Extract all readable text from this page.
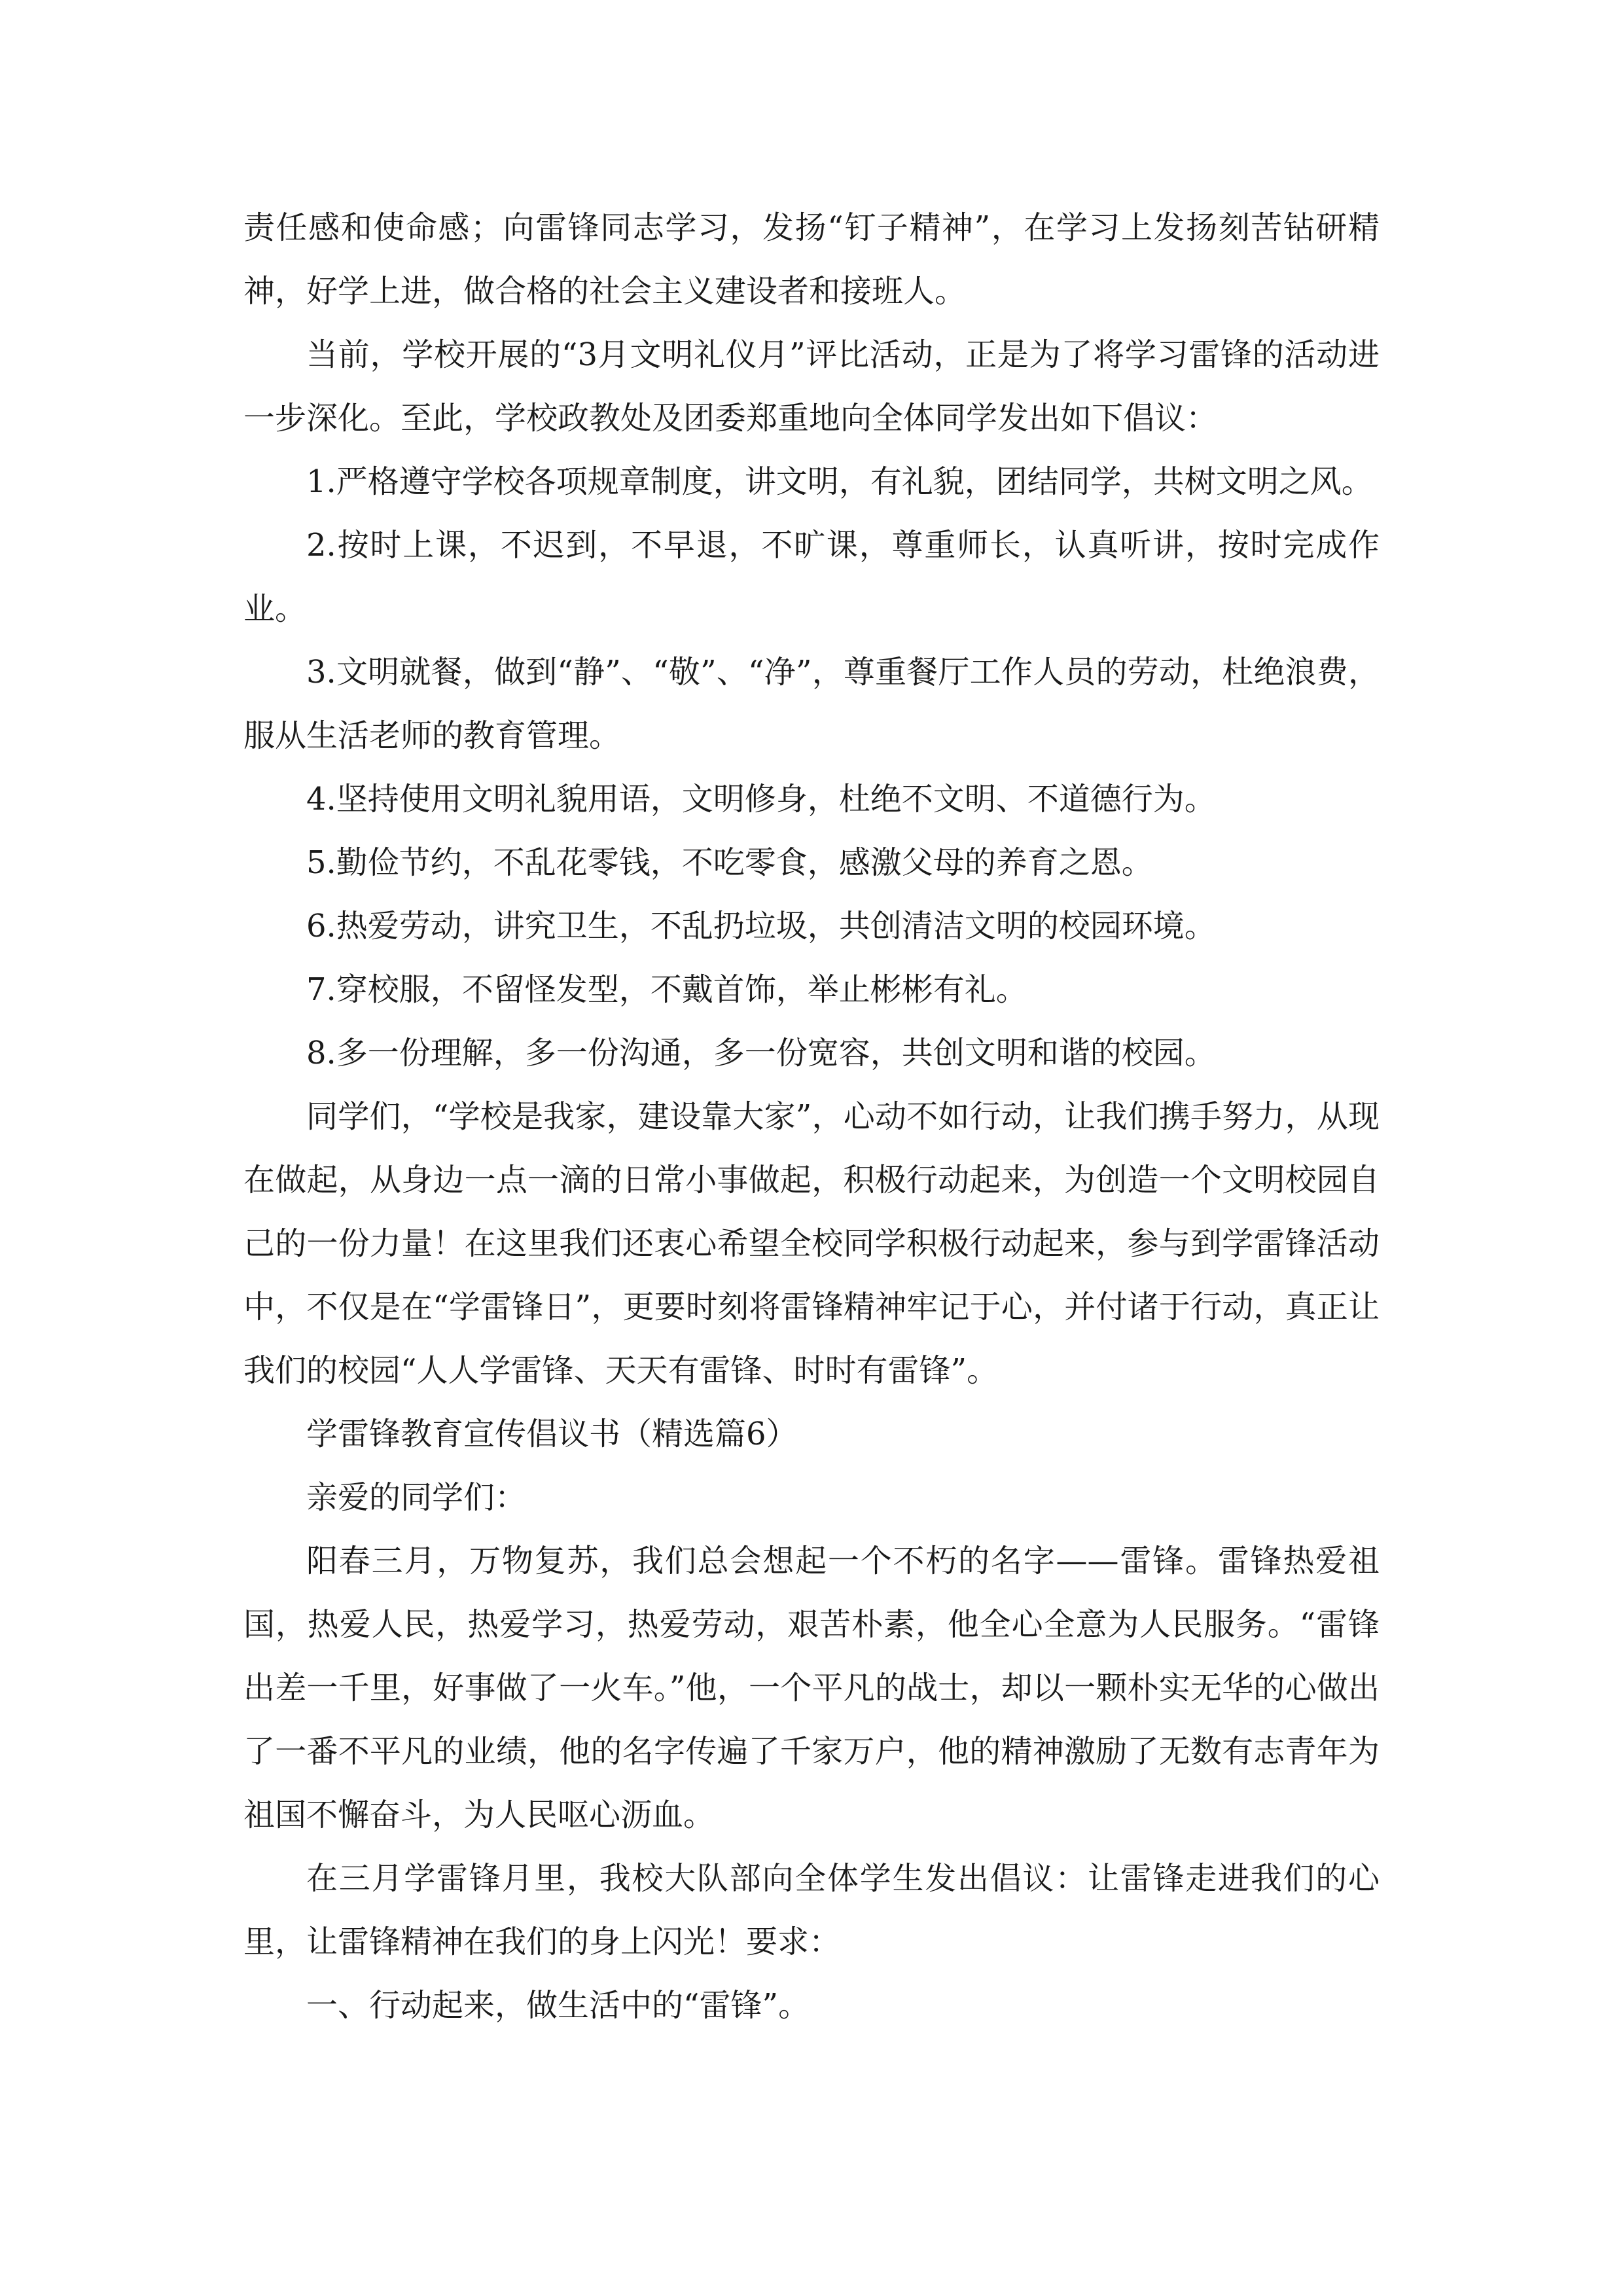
责任感和使命感；向雷锋同志学习，发扬“钉子精神”，在学习上发扬刻苦钻研精神，好学上进，做合格的社会主义建设者和接班人。

当前，学校开展的“3月文明礼仪月”评比活动，正是为了将学习雷锋的活动进一步深化。至此，学校政教处及团委郑重地向全体同学发出如下倡议：

1.严格遵守学校各项规章制度，讲文明，有礼貌，团结同学，共树文明之风。

2.按时上课，不迟到，不早退，不旷课，尊重师长，认真听讲，按时完成作业。

3.文明就餐，做到“静”、“敬”、“净”，尊重餐厅工作人员的劳动，杜绝浪费，服从生活老师的教育管理。

4.坚持使用文明礼貌用语，文明修身，杜绝不文明、不道德行为。

5.勤俭节约，不乱花零钱，不吃零食，感激父母的养育之恩。

6.热爱劳动，讲究卫生，不乱扔垃圾，共创清洁文明的校园环境。

7.穿校服，不留怪发型，不戴首饰，举止彬彬有礼。

8.多一份理解，多一份沟通，多一份宽容，共创文明和谐的校园。

同学们，“学校是我家，建设靠大家”，心动不如行动，让我们携手努力，从现在做起，从身边一点一滴的日常小事做起，积极行动起来，为创造一个文明校园自己的一份力量！在这里我们还衷心希望全校同学积极行动起来，参与到学雷锋活动中，不仅是在“学雷锋日”，更要时刻将雷锋精神牢记于心，并付诸于行动，真正让我们的校园“人人学雷锋、天天有雷锋、时时有雷锋”。

学雷锋教育宣传倡议书（精选篇6）

亲爱的同学们：

阳春三月，万物复苏，我们总会想起一个不朽的名字——雷锋。雷锋热爱祖国，热爱人民，热爱学习，热爱劳动，艰苦朴素，他全心全意为人民服务。“雷锋出差一千里，好事做了一火车。”他，一个平凡的战士，却以一颗朴实无华的心做出了一番不平凡的业绩，他的名字传遍了千家万户，他的精神激励了无数有志青年为祖国不懈奋斗，为人民呕心沥血。

在三月学雷锋月里，我校大队部向全体学生发出倡议：让雷锋走进我们的心里，让雷锋精神在我们的身上闪光！要求：

一、行动起来，做生活中的“雷锋”。
